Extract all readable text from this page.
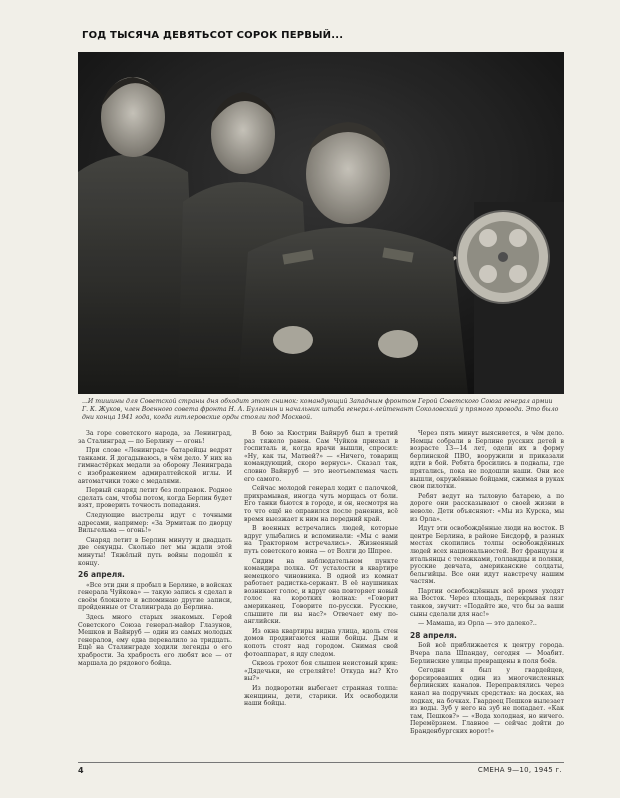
ГОД ТЫСЯЧА ДЕВЯТЬСОТ СОРОК ПЕРВЫЙ...
...И тишины для Советской страны дня обходит этот снимок: командующий Западным фронтом Герой Советского Союза генерал армии Г. К. Жуков, член Военного совета фронта Н. А. Булганин и начальник штаба генерал-лейтенант Соколовский у прямого провода. Это было дни конца 1941 года, когда гитлеровские орды стояли под Москвой.

За горе советского народа, за Ленинград, за Сталинград — по Берлину — огонь!

При слове «Ленинград» батарейцы ведрят танками. Я догадываюсь, в чём дело. У них на гимнастёрках медали за оборону Ленинграда с изображением адмиралтейской иглы. И автоматчики тоже с медалями.

Первый снаряд летит без поправок. Родное сделать сам, чтобы потом, когда Берлин будет взят, проверить точность попадания.

Следующие выстрелы идут с точными адресами, например: «За Эрмитаж по дворцу Вильгельма — огонь!»

Снаряд летит в Берлин минуту и двадцать две секунды. Сколько лет мы ждали этой минуты! Тяжёлый путь войны подошёл к концу.

26 апреля.

«Все эти дни я пробыл в Берлине, в войсках генерала Чуйкова» — такую запись я сделал в своём блокноте и вспоминаю другие записи, пройденные от Сталинграда до Берлина.

Здесь много старых знакомых. Герой Советского Союза генерал-майор Глазунов, Мешков и Вайнруб — один из самых молодых генералов, ему едва перевалило за тридцать. Ещё на Сталинграде ходили легенды о его храбрости. За храбрость его любят все — от маршала до рядового бойца.

В бою за Кюстрин Вайнруб был в третий раз тяжело ранен. Сам Чуйков приехал в госпиталь и, когда врачи вышли, спросил: «Ну, как ты, Матвей?» — «Ничего, товарищ командующий, скоро вернусь». Сказал так, словно Вайнруб — это неотъемлемая часть его самого.

Сейчас молодой генерал ходит с палочкой, прихрамывая, иногда чуть морщась от боли. Его танки бьются в городе, и он, несмотря на то что ещё не оправился после ранения, всё время выезжает к ним на передний край.

В военных встречались людей, которые вдруг улыбались и вспоминали: «Мы с вами на Тракторном встречались». Жизненный путь советского воина — от Волги до Шпрее.

Сидим на наблюдательном пункте командира полка. От усталости в квартире немецкого чиновника. В одной из комнат работает радистка-сержант. В её наушниках возникает голос, и вдруг она повторяет новый голос на коротких волнах: «Говорит американец. Говорите по-русски. Русские, слышите ли вы нас?» Отвечает ему по-английски.

Из окна квартиры видна улица, вдоль стен домов продвигаются наши бойцы. Дым и копоть стоят над городом. Снимая свой фотоаппарат, я иду следом.

Сквозь грохот боя слышен неистовый крик: «Дядечьки, не стреляйте! Откуда вы? Кто вы?»

Из подворотни выбегает странная толпа: женщины, дети, старики. Их освободили наши бойцы.

Через пять минут выясняется, в чём дело. Немцы собрали в Берлине русских детей в возрасте 13—14 лет, одели их в форму берлинской ПВО, вооружили и приказали идти в бой. Ребята бросились в подвалы, где прятались, пока не подошли наши. Они все вышли, окружённые бойцами, сжимая в руках свои пилотки.

Ребят ведут на тыловую батарею, а по дороге они рассказывают о своей жизни в неволе. Дети объясняют: «Мы из Курска, мы из Орла».

Идут эти освобождённые люди на восток. В центре Берлина, в районе Бисдорф, в разных местах скопились толпы освобождённых людей всех национальностей. Вот французы и итальянцы с тележками, голландцы и поляки, русские девчата, американские солдаты, бельгийцы. Все они идут навстречу нашим частям.

Партии освобождённых всё время уходят на Восток. Через площадь, перекрывая лязг танков, звучит: «Подайте же, что бы за ваши сыны сделали для нас!»

— Мамаша, из Орла — это далеко?..

28 апреля.

Бой всё приближается к центру города. Вчера пала Шпандау, сегодня — Моабит. Берлинские улицы превращены в поля боёв.

Сегодня я был у гвардейцев, форсировавших один из многочисленных берлинских каналов. Переправлялись через канал на подручных средствах: на досках, на лодках, на бочках. Гвардеец Пешков вылезает из воды. Зуб у него на зуб не попадает. «Как там, Пешков?» — «Вода холодная, но ничего. Перемёрзнем. Главное — сейчас дойти до Бранденбургских ворот!»

4	СМЕНА 9—10, 1945 г.
